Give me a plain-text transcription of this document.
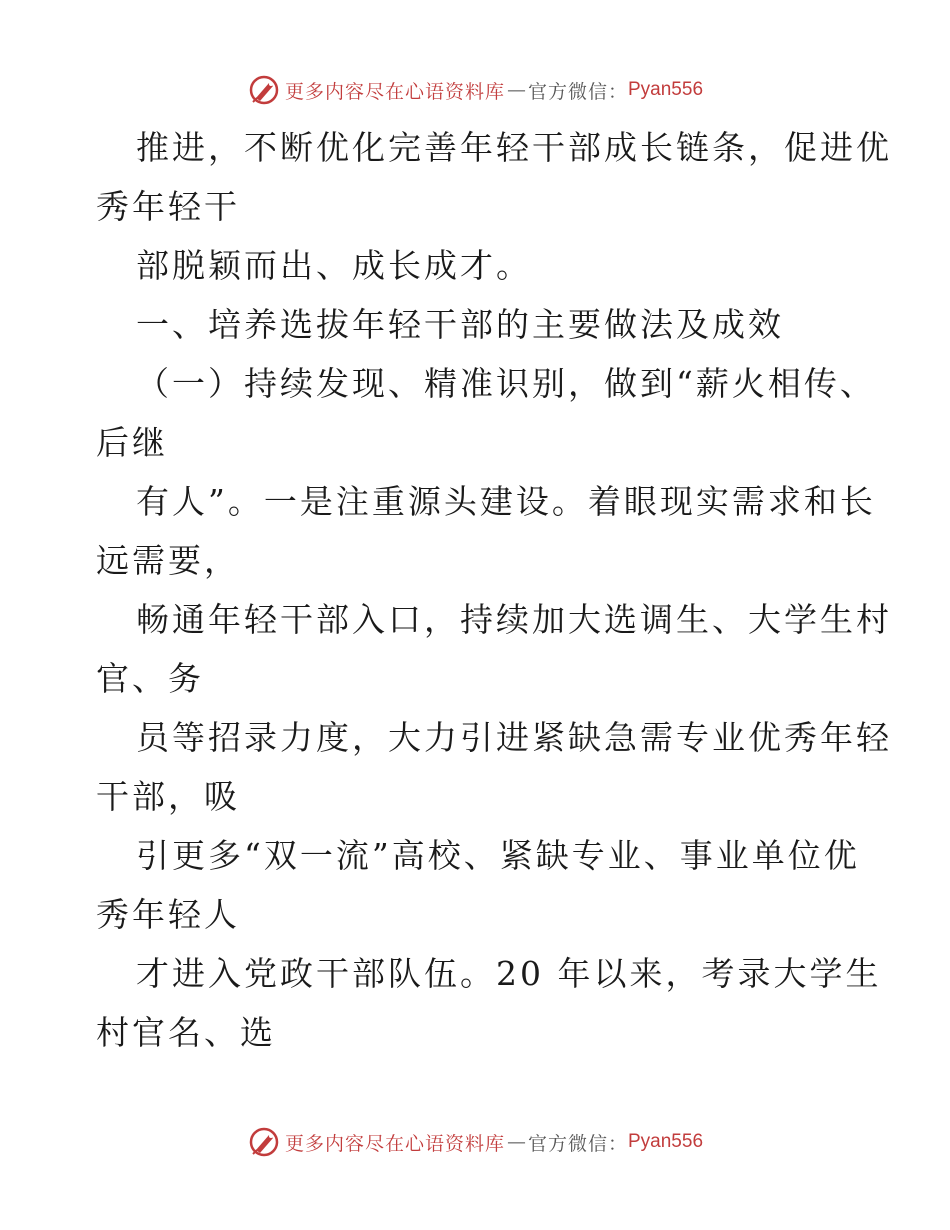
更多内容尽在心语资料库 — 官方微信： Pyan556
推进，不断优化完善年轻干部成长链条，促进优
秀年轻干
部脱颖而出、成长成才。
一、培养选拔年轻干部的主要做法及成效
（一）持续发现、精准识别，做到“薪火相传、
后继
有人”。一是注重源头建设。着眼现实需求和长
远需要，
畅通年轻干部入口，持续加大选调生、大学生村
官、务
员等招录力度，大力引进紧缺急需专业优秀年轻
干部，吸
引更多“双一流”高校、紧缺专业、事业单位优
秀年轻人
才进入党政干部队伍。20 年以来，考录大学生
村官名、选
更多内容尽在心语资料库 — 官方微信： Pyan556
